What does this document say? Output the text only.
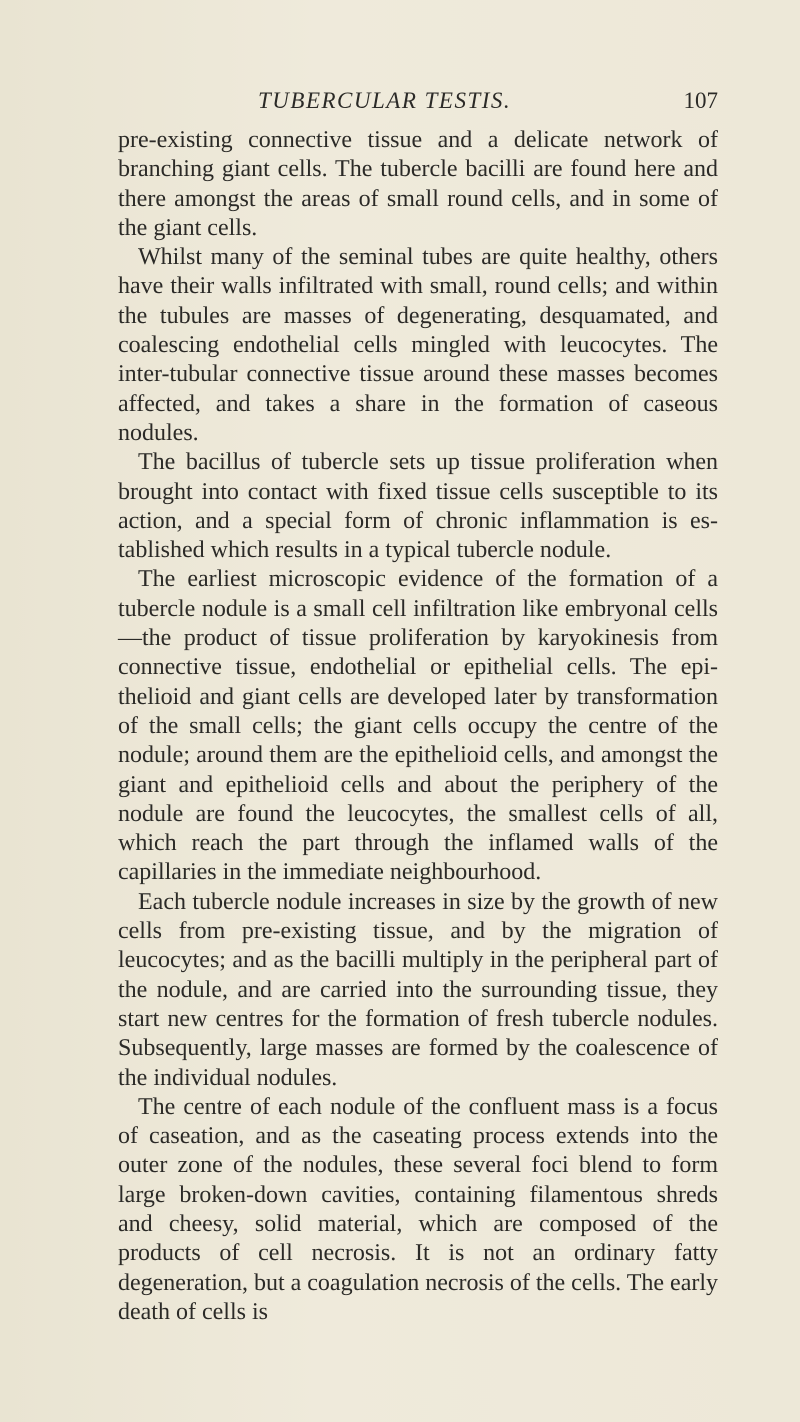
TUBERCULAR TESTIS.	107

pre-existing connective tissue and a delicate network of branching giant cells. The tubercle bacilli are found here and there amongst the areas of small round cells, and in some of the giant cells.

Whilst many of the seminal tubes are quite healthy, others have their walls infiltrated with small, round cells; and within the tubules are masses of degenerating, desquamated, and coalescing endothelial cells mingled with leucocytes. The inter-tubular connective tissue around these masses becomes affected, and takes a share in the formation of caseous nodules.

The bacillus of tubercle sets up tissue proliferation when brought into contact with fixed tissue cells susceptible to its action, and a special form of chronic inflammation is es-tablished which results in a typical tubercle nodule.

The earliest microscopic evidence of the formation of a tubercle nodule is a small cell infiltration like embryonal cells—the product of tissue proliferation by karyokinesis from connective tissue, endothelial or epithelial cells. The epi-thelioid and giant cells are developed later by transformation of the small cells; the giant cells occupy the centre of the nodule; around them are the epithelioid cells, and amongst the giant and epithelioid cells and about the periphery of the nodule are found the leucocytes, the smallest cells of all, which reach the part through the inflamed walls of the capillaries in the immediate neighbourhood.

Each tubercle nodule increases in size by the growth of new cells from pre-existing tissue, and by the migration of leucocytes; and as the bacilli multiply in the peripheral part of the nodule, and are carried into the surrounding tissue, they start new centres for the formation of fresh tubercle nodules. Subsequently, large masses are formed by the coalescence of the individual nodules.

The centre of each nodule of the confluent mass is a focus of caseation, and as the caseating process extends into the outer zone of the nodules, these several foci blend to form large broken-down cavities, containing filamentous shreds and cheesy, solid material, which are composed of the products of cell necrosis. It is not an ordinary fatty degeneration, but a coagulation necrosis of the cells. The early death of cells is
